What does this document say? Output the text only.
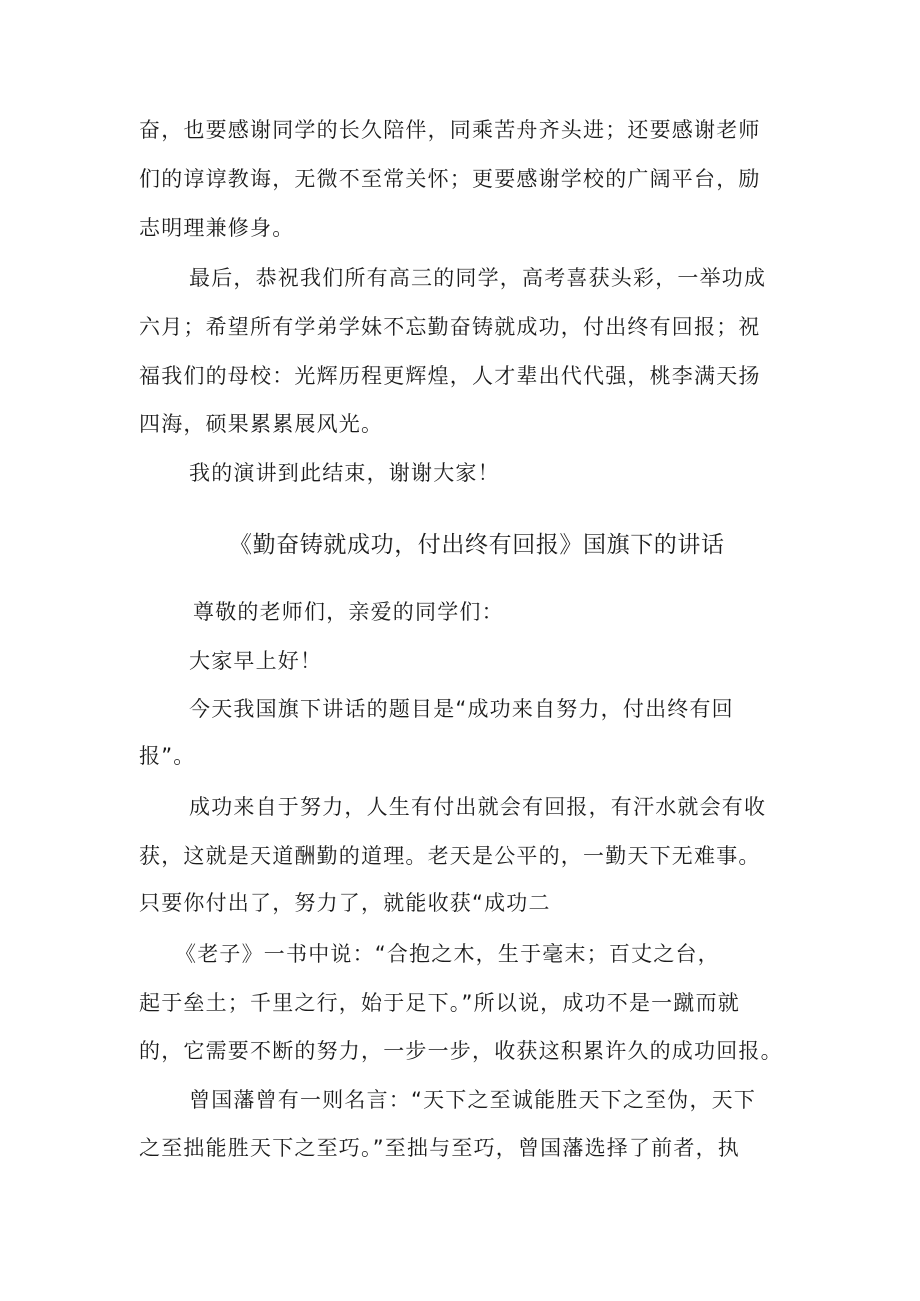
奋，也要感谢同学的长久陪伴，同乘苦舟齐头进；还要感谢老师
们的谆谆教诲，无微不至常关怀；更要感谢学校的广阔平台，励
志明理兼修身。
最后，恭祝我们所有高三的同学，高考喜获头彩，一举功成
六月；希望所有学弟学妹不忘勤奋铸就成功，付出终有回报；祝
福我们的母校：光辉历程更辉煌，人才辈出代代强，桃李满天扬
四海，硕果累累展风光。
我的演讲到此结束，谢谢大家！
《勤奋铸就成功，付出终有回报》国旗下的讲话
尊敬的老师们，亲爱的同学们：
大家早上好！
今天我国旗下讲话的题目是“成功来自努力，付出终有回
报”。
成功来自于努力，人生有付出就会有回报，有汗水就会有收
获，这就是天道酬勤的道理。老天是公平的，一勤天下无难事。
只要你付出了，努力了，就能收获“成功二
《老子》一书中说：“合抱之木，生于毫末；百丈之台，
起于垒土；千里之行，始于足下。”所以说，成功不是一蹴而就
的，它需要不断的努力，一步一步，收获这积累许久的成功回报。
曾国藩曾有一则名言：“天下之至诚能胜天下之至伪，天下
之至拙能胜天下之至巧。”至拙与至巧，曾国藩选择了前者，执
